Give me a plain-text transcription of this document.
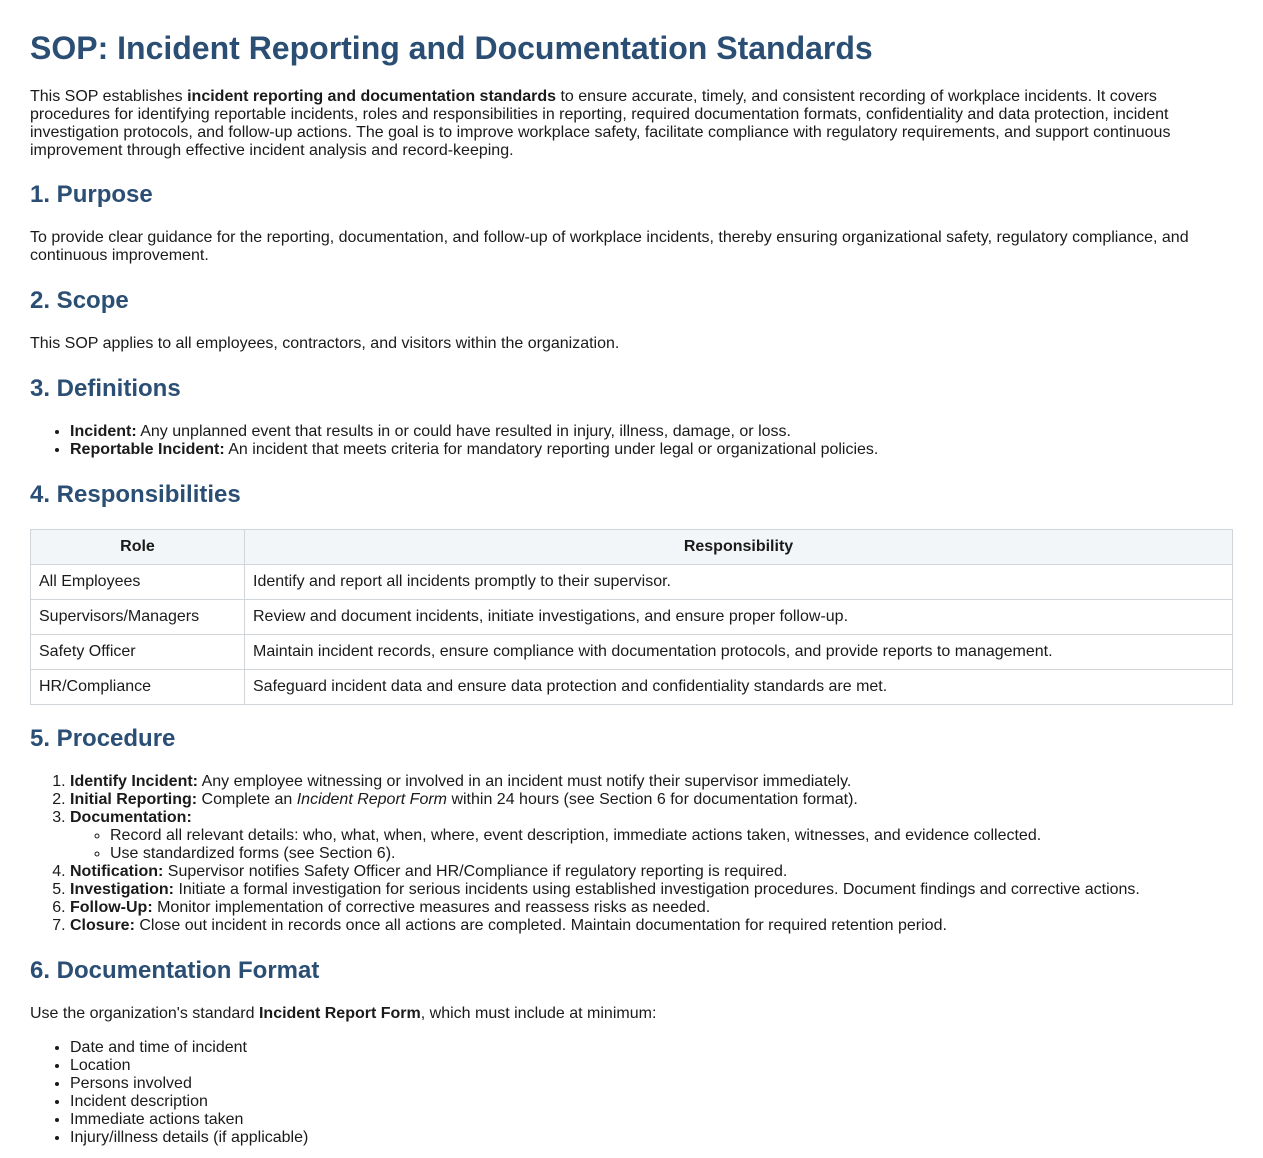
SOP: Incident Reporting and Documentation Standards

This SOP establishes incident reporting and documentation standards to ensure accurate, timely, and consistent recording of workplace incidents. It covers procedures for identifying reportable incidents, roles and responsibilities in reporting, required documentation formats, confidentiality and data protection, incident investigation protocols, and follow-up actions. The goal is to improve workplace safety, facilitate compliance with regulatory requirements, and support continuous improvement through effective incident analysis and record-keeping.

1. Purpose

To provide clear guidance for the reporting, documentation, and follow-up of workplace incidents, thereby ensuring organizational safety, regulatory compliance, and continuous improvement.

2. Scope

This SOP applies to all employees, contractors, and visitors within the organization.

3. Definitions
• Incident: Any unplanned event that results in or could have resulted in injury, illness, damage, or loss.
• Reportable Incident: An incident that meets criteria for mandatory reporting under legal or organizational policies.
4. Responsibilities
Role	Responsibility
All Employees	Identify and report all incidents promptly to their supervisor.
Supervisors/Managers	Review and document incidents, initiate investigations, and ensure proper follow-up.
Safety Officer	Maintain incident records, ensure compliance with documentation protocols, and provide reports to management.
HR/Compliance	Safeguard incident data and ensure data protection and confidentiality standards are met.
5. Procedure
1. Identify Incident: Any employee witnessing or involved in an incident must notify their supervisor immediately.
2. Initial Reporting: Complete an Incident Report Form within 24 hours (see Section 6 for documentation format).
3. Documentation:
◦ Record all relevant details: who, what, when, where, event description, immediate actions taken, witnesses, and evidence collected.
◦ Use standardized forms (see Section 6).
4. Notification: Supervisor notifies Safety Officer and HR/Compliance if regulatory reporting is required.
5. Investigation: Initiate a formal investigation for serious incidents using established investigation procedures. Document findings and corrective actions.
6. Follow-Up: Monitor implementation of corrective measures and reassess risks as needed.
7. Closure: Close out incident in records once all actions are completed. Maintain documentation for required retention period.
6. Documentation Format

Use the organization's standard Incident Report Form, which must include at minimum:

• Date and time of incident
• Location
• Persons involved
• Incident description
• Immediate actions taken
• Injury/illness details (if applicable)
